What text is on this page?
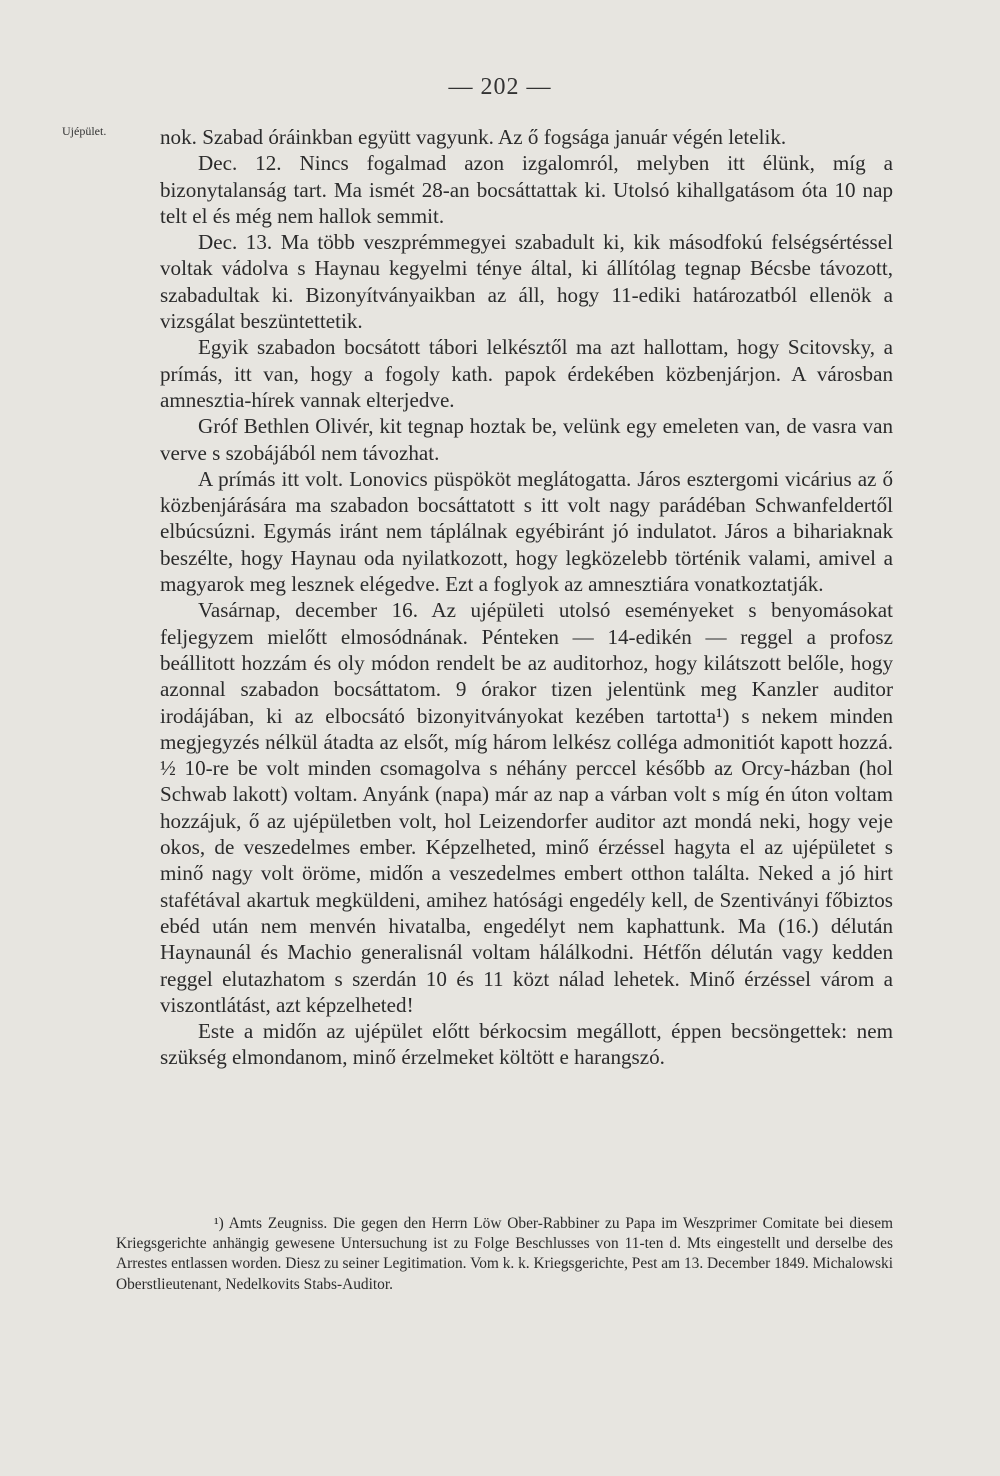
— 202 —
Ujépület.	nok. Szabad óráinkban együtt vagyunk. Az ő fogsága január végén letelik.

Dec. 12. Nincs fogalmad azon izgalomról, melyben itt élünk, míg a bizonytalanság tart. Ma ismét 28-an bocsáttattak ki. Utolsó kihallgatásom óta 10 nap telt el és még nem hallok semmit.

Dec. 13. Ma több veszprémmegyei szabadult ki, kik másodfokú felségsértéssel voltak vádolva s Haynau kegyelmi ténye által, ki állítólag tegnap Bécsbe távozott, szabadultak ki. Bizonyítványaikban az áll, hogy 11-ediki határozatból ellenök a vizsgálat beszüntettetik.

Egyik szabadon bocsátott tábori lelkésztől ma azt hallottam, hogy Scitovsky, a prímás, itt van, hogy a fogoly kath. papok érdekében közbenjárjon. A városban amnesztia-hírek vannak elterjedve.

Gróf Bethlen Olivér, kit tegnap hoztak be, velünk egy emeleten van, de vasra van verve s szobájából nem távozhat.

A prímás itt volt. Lonovics püspököt meglátogatta. Járos esztergomi vicárius az ő közbenjárására ma szabadon bocsáttatott s itt volt nagy parádéban Schwanfeldertől elbúcsúzni. Egymás iránt nem táplálnak egyébiránt jó indulatot. Járos a bihariaknak beszélte, hogy Haynau oda nyilatkozott, hogy legközelebb történik valami, amivel a magyarok meg lesznek elégedve. Ezt a foglyok az amnesztiára vonatkoztatják.

Vasárnap, december 16. Az ujépületi utolsó eseményeket s benyomásokat feljegyzem mielőtt elmosódnának. Pénteken — 14-edikén — reggel a profosz beállitott hozzám és oly módon rendelt be az auditorhoz, hogy kilátszott belőle, hogy azonnal szabadon bocsáttatom. 9 órakor tizen jelentünk meg Kanzler auditor irodájában, ki az elbocsátó bizonyitványokat kezében tartotta¹) s nekem minden megjegyzés nélkül átadta az elsőt, míg három lelkész collégа admonitiót kapott hozzá. ½ 10-re be volt minden csomagolva s néhány perccel később az Orcy-házban (hol Schwab lakott) voltam. Anyánk (napa) már az nap a várban volt s míg én úton voltam hozzájuk, ő az ujépületben volt, hol Leizendorfer auditor azt mondá neki, hogy veje okos, de veszedelmes ember. Képzelheted, minő érzéssel hagyta el az ujépületet s minő nagy volt öröme, midőn a veszedelmes embert otthon találta. Neked a jó hirt stafétával akartuk megküldeni, amihez hatósági engedély kell, de Szentiványi főbiztos ebéd után nem menvén hivatalba, engedélyt nem kaphattunk. Ma (16.) délután Haynaunál és Machio generalisnál voltam hálálkodni. Hétfőn délután vagy kedden reggel elutazhatom s szerdán 10 és 11 közt nálad lehetek. Minő érzéssel várom a viszontlátást, azt képzelheted!

Este a midőn az ujépület előtt bérkocsim megállott, éppen becsöngettek: nem szükség elmondanom, minő érzelmeket költött e harangszó.

¹) Amts Zeugniss. Die gegen den Herrn Löw Ober-Rabbiner zu Papa im Weszprimer Comitate bei diesem Kriegsgerichte anhängig gewesene Untersuchung ist zu Folge Beschlusses von 11-ten d. Mts eingestellt und derselbe des Arrestes entlassen worden. Diesz zu seiner Legitimation. Vom k. k. Kriegsgerichte, Pest am 13. December 1849. Michalowski Oberstlieutenant, Nedelkovits Stabs-Auditor.
